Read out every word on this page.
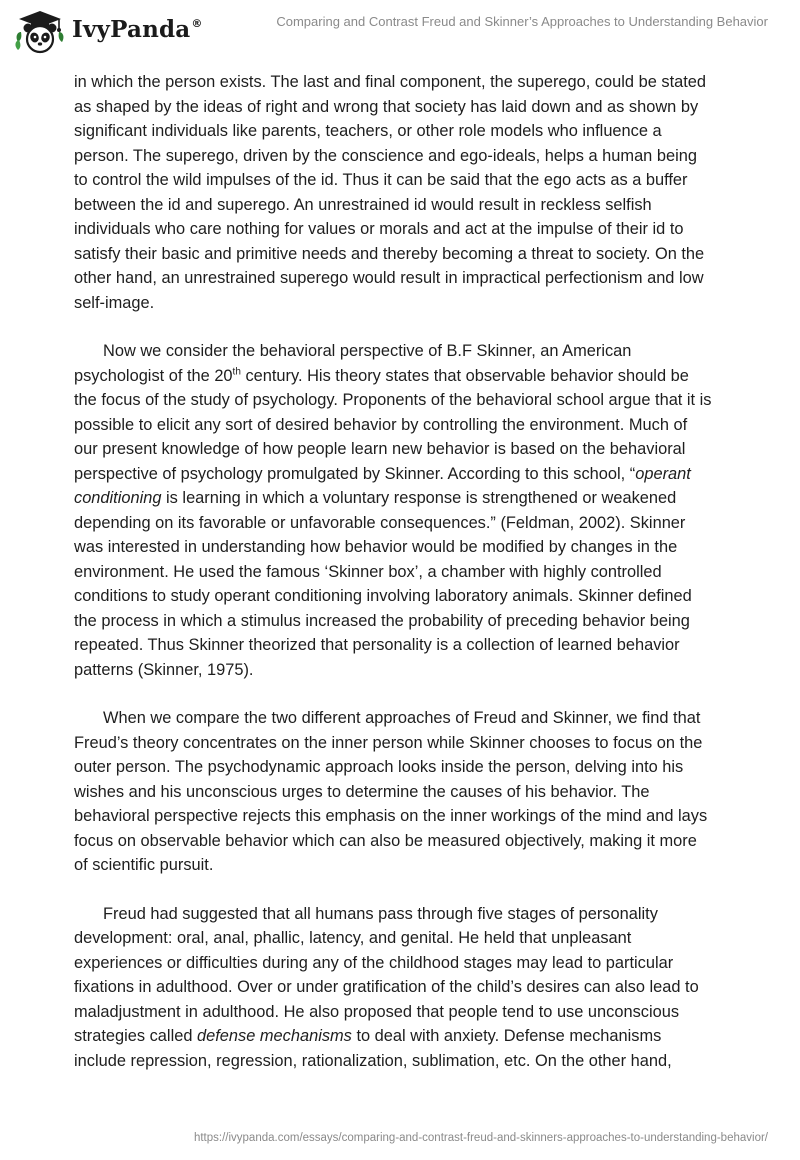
IvyPanda®	Comparing and Contrast Freud and Skinner’s Approaches to Understanding Behavior

in which the person exists. The last and final component, the superego, could be stated
as shaped by the ideas of right and wrong that society has laid down and as shown by
significant individuals like parents, teachers, or other role models who influence a
person. The superego, driven by the conscience and ego-ideals, helps a human being
to control the wild impulses of the id. Thus it can be said that the ego acts as a buffer
between the id and superego. An unrestrained id would result in reckless selfish
individuals who care nothing for values or morals and act at the impulse of their id to
satisfy their basic and primitive needs and thereby becoming a threat to society. On the
other hand, an unrestrained superego would result in impractical perfectionism and low
self-image.

Now we consider the behavioral perspective of B.F Skinner, an American
psychologist of the 20th century. His theory states that observable behavior should be
the focus of the study of psychology. Proponents of the behavioral school argue that it is
possible to elicit any sort of desired behavior by controlling the environment. Much of
our present knowledge of how people learn new behavior is based on the behavioral
perspective of psychology promulgated by Skinner. According to this school, “operant
conditioning is learning in which a voluntary response is strengthened or weakened
depending on its favorable or unfavorable consequences.” (Feldman, 2002). Skinner
was interested in understanding how behavior would be modified by changes in the
environment. He used the famous ‘Skinner box’, a chamber with highly controlled
conditions to study operant conditioning involving laboratory animals. Skinner defined
the process in which a stimulus increased the probability of preceding behavior being
repeated. Thus Skinner theorized that personality is a collection of learned behavior
patterns (Skinner, 1975).

When we compare the two different approaches of Freud and Skinner, we find that
Freud’s theory concentrates on the inner person while Skinner chooses to focus on the
outer person. The psychodynamic approach looks inside the person, delving into his
wishes and his unconscious urges to determine the causes of his behavior. The
behavioral perspective rejects this emphasis on the inner workings of the mind and lays
focus on observable behavior which can also be measured objectively, making it more
of scientific pursuit.

Freud had suggested that all humans pass through five stages of personality
development: oral, anal, phallic, latency, and genital. He held that unpleasant
experiences or difficulties during any of the childhood stages may lead to particular
fixations in adulthood. Over or under gratification of the child’s desires can also lead to
maladjustment in adulthood. He also proposed that people tend to use unconscious
strategies called defense mechanisms to deal with anxiety. Defense mechanisms
include repression, regression, rationalization, sublimation, etc. On the other hand,

https://ivypanda.com/essays/comparing-and-contrast-freud-and-skinners-approaches-to-understanding-behavior/
